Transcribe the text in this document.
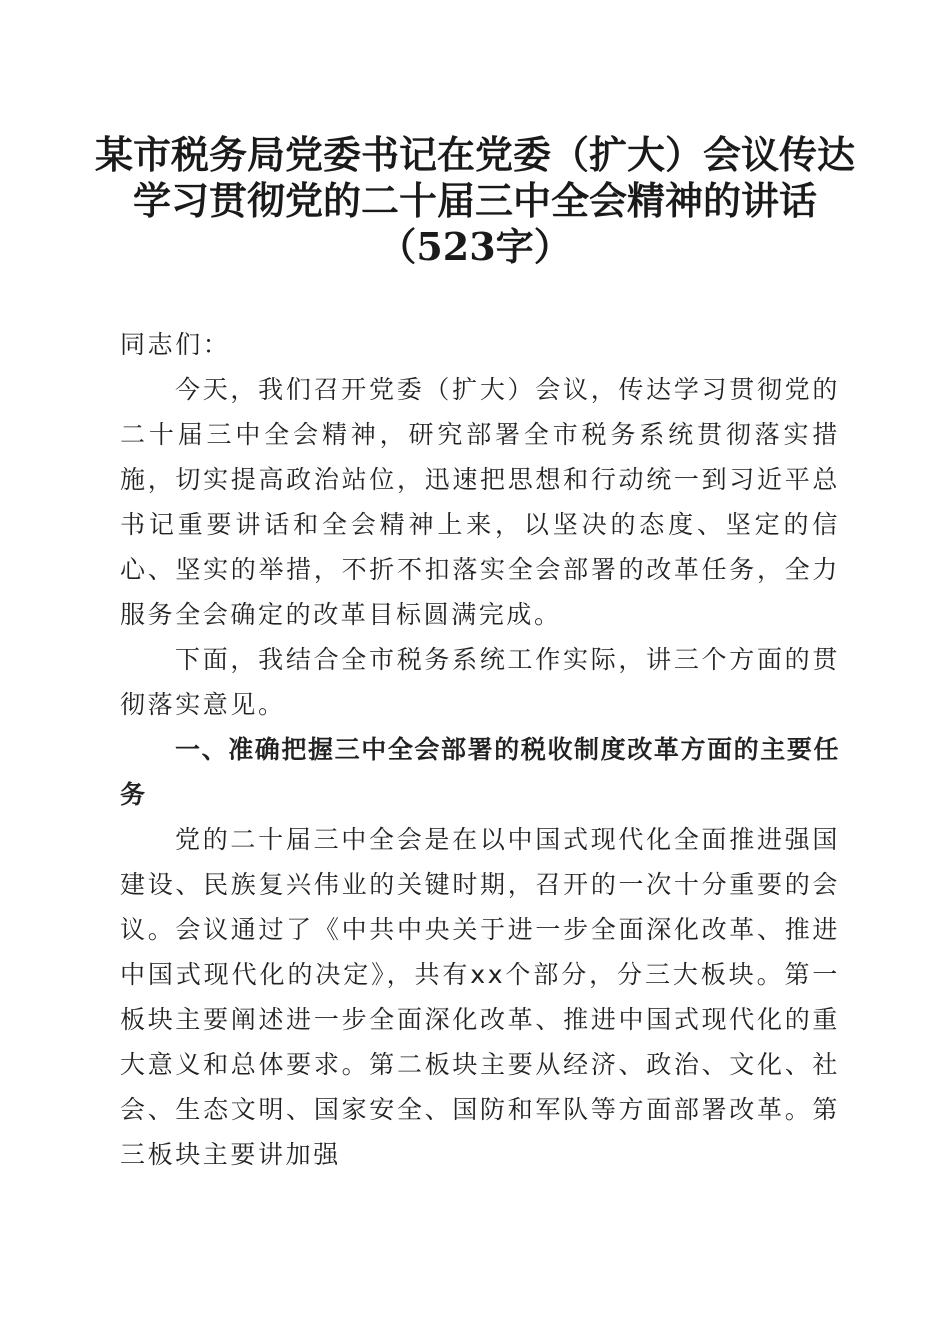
某市税务局党委书记在党委（扩大）会议传达
学习贯彻党的二十届三中全会精神的讲话
（523字）

同志们：

今天，我们召开党委（扩大）会议，传达学习贯彻党的二十届三中全会精神，研究部署全市税务系统贯彻落实措施，切实提高政治站位，迅速把思想和行动统一到习近平总书记重要讲话和全会精神上来，以坚决的态度、坚定的信心、坚实的举措，不折不扣落实全会部署的改革任务，全力服务全会确定的改革目标圆满完成。

下面，我结合全市税务系统工作实际，讲三个方面的贯彻落实意见。

一、准确把握三中全会部署的税收制度改革方面的主要任务

党的二十届三中全会是在以中国式现代化全面推进强国建设、民族复兴伟业的关键时期，召开的一次十分重要的会议。会议通过了《中共中央关于进一步全面深化改革、推进中国式现代化的决定》，共有xx个部分，分三大板块。第一板块主要阐述进一步全面深化改革、推进中国式现代化的重大意义和总体要求。第二板块主要从经济、政治、文化、社会、生态文明、国家安全、国防和军队等方面部署改革。第三板块主要讲加强
